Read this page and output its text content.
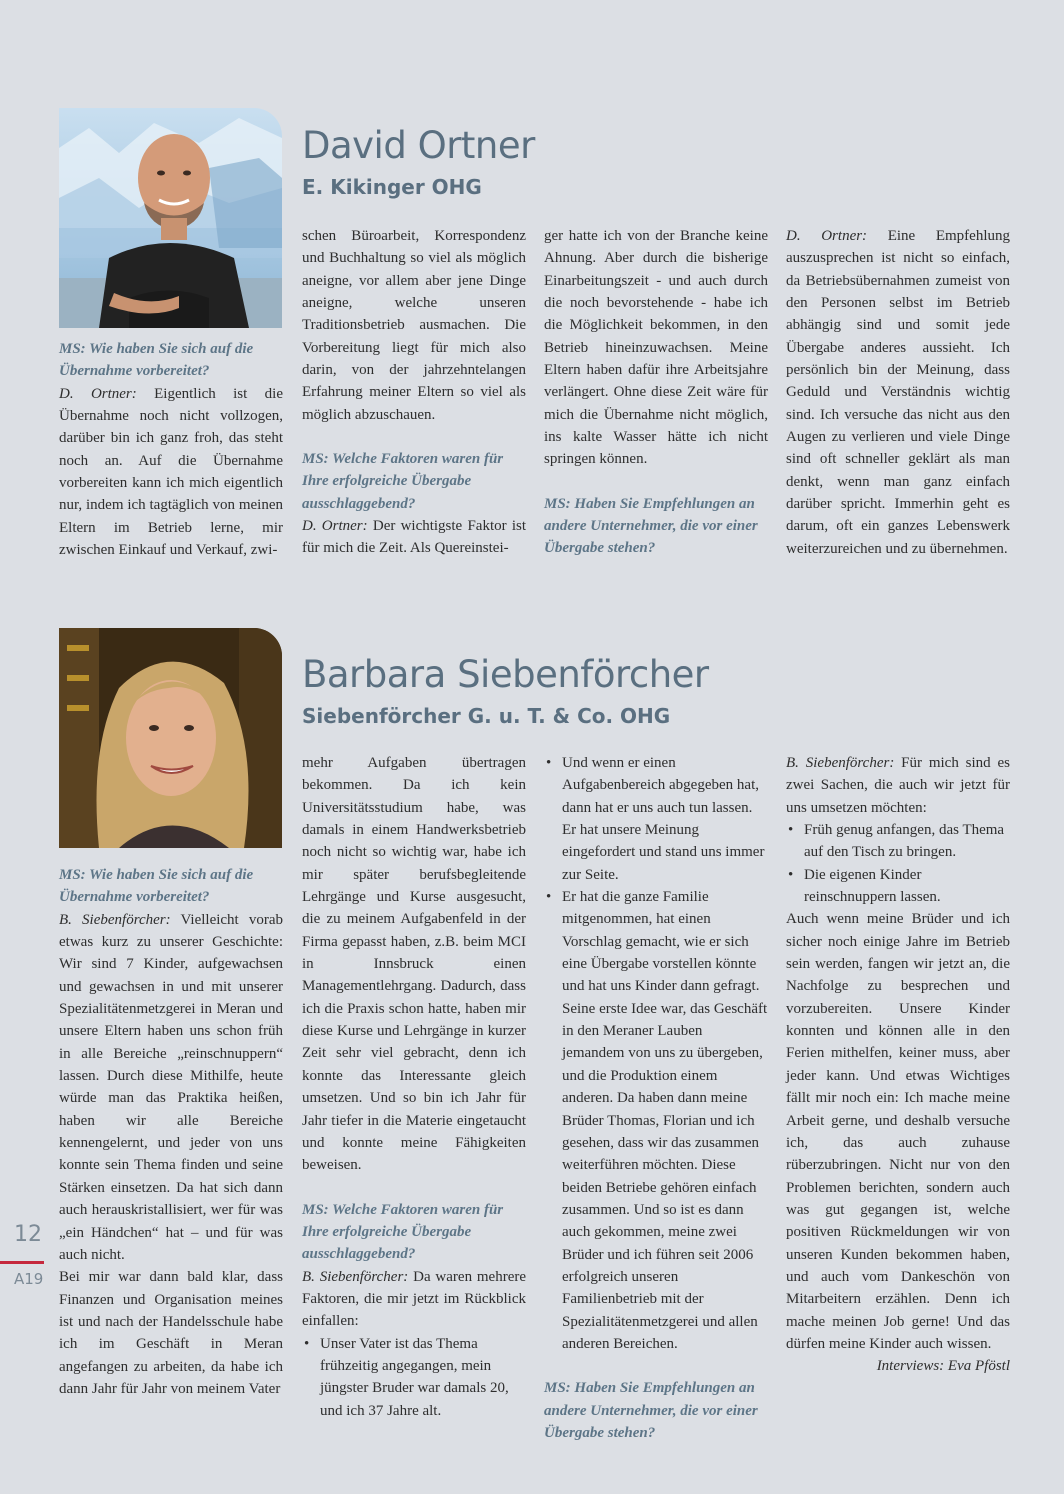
David Ortner
E. Kikinger OHG

MS: Wie haben Sie sich auf die Übernahme vorbereitet?

D. Ortner: Eigentlich ist die Übernahme noch nicht vollzogen, darüber bin ich ganz froh, das steht noch an. Auf die Übernahme vorbereiten kann ich mich eigentlich nur, indem ich tagtäglich von meinen Eltern im Betrieb lerne, mir zwischen Einkauf und Verkauf, zwi-

schen Büroarbeit, Korrespondenz und Buchhaltung so viel als möglich aneigne, vor allem aber jene Dinge aneigne, welche unseren Traditionsbetrieb ausmachen. Die Vorbereitung liegt für mich also darin, von der jahrzehntelangen Erfahrung meiner Eltern so viel als möglich abzuschauen.

MS: Welche Faktoren waren für Ihre erfolgreiche Übergabe ausschlaggebend?

D. Ortner: Der wichtigste Faktor ist für mich die Zeit. Als Quereinstei-

ger hatte ich von der Branche keine Ahnung. Aber durch die bisherige Einarbeitungszeit - und auch durch die noch bevorstehende - habe ich die Möglichkeit bekommen, in den Betrieb hineinzuwachsen. Meine Eltern haben dafür ihre Arbeitsjahre verlängert. Ohne diese Zeit wäre für mich die Übernahme nicht möglich, ins kalte Wasser hätte ich nicht springen können.

MS: Haben Sie Empfehlungen an andere Unternehmer, die vor einer Übergabe stehen?

D. Ortner: Eine Empfehlung auszusprechen ist nicht so einfach, da Betriebsübernahmen zumeist von den Personen selbst im Betrieb abhängig sind und somit jede Übergabe anderes aussieht. Ich persönlich bin der Meinung, dass Geduld und Verständnis wichtig sind. Ich versuche das nicht aus den Augen zu verlieren und viele Dinge sind oft schneller geklärt als man denkt, wenn man ganz einfach darüber spricht. Immerhin geht es darum, oft ein ganzes Lebenswerk weiterzureichen und zu übernehmen.

Barbara Siebenförcher
Siebenförcher G. u. T. & Co. OHG

MS: Wie haben Sie sich auf die Übernahme vorbereitet?

B. Siebenförcher: Vielleicht vorab etwas kurz zu unserer Geschichte: Wir sind 7 Kinder, aufgewachsen und gewachsen in und mit unserer Spezialitätenmetzgerei in Meran und unsere Eltern haben uns schon früh in alle Bereiche „reinschnuppern“ lassen. Durch diese Mithilfe, heute würde man das Praktika heißen, haben wir alle Bereiche kennengelernt, und jeder von uns konnte sein Thema finden und seine Stärken einsetzen. Da hat sich dann auch herauskristallisiert, wer für was „ein Händchen“ hat – und für was auch nicht.

Bei mir war dann bald klar, dass Finanzen und Organisation meines ist und nach der Handelsschule habe ich im Geschäft in Meran angefangen zu arbeiten, da habe ich dann Jahr für Jahr von meinem Vater

mehr Aufgaben übertragen bekommen. Da ich kein Universitätsstudium habe, was damals in einem Handwerksbetrieb noch nicht so wichtig war, habe ich mir später berufsbegleitende Lehrgänge und Kurse ausgesucht, die zu meinem Aufgabenfeld in der Firma gepasst haben, z.B. beim MCI in Innsbruck einen Managementlehrgang. Dadurch, dass ich die Praxis schon hatte, haben mir diese Kurse und Lehrgänge in kurzer Zeit sehr viel gebracht, denn ich konnte das Interessante gleich umsetzen. Und so bin ich Jahr für Jahr tiefer in die Materie eingetaucht und konnte meine Fähigkeiten beweisen.

MS: Welche Faktoren waren für Ihre erfolgreiche Übergabe ausschlaggebend?

B. Siebenförcher: Da waren mehrere Faktoren, die mir jetzt im Rückblick einfallen:

• Unser Vater ist das Thema frühzeitig angegangen, mein jüngster Bruder war damals 20, und ich 37 Jahre alt.
• Und wenn er einen Aufgabenbereich abgegeben hat, dann hat er uns auch tun lassen. Er hat unsere Meinung eingefordert und stand uns immer zur Seite.
• Er hat die ganze Familie mitgenommen, hat einen Vorschlag gemacht, wie er sich eine Übergabe vorstellen könnte und hat uns Kinder dann gefragt. Seine erste Idee war, das Geschäft in den Meraner Lauben jemandem von uns zu übergeben, und die Produktion einem anderen. Da haben dann meine Brüder Thomas, Florian und ich gesehen, dass wir das zusammen weiterführen möchten. Diese beiden Betriebe gehören einfach zusammen. Und so ist es dann auch gekommen, meine zwei Brüder und ich führen seit 2006 erfolgreich unseren Familienbetrieb mit der Spezialitätenmetzgerei und allen anderen Bereichen.

MS: Haben Sie Empfehlungen an andere Unternehmer, die vor einer Übergabe stehen?

B. Siebenförcher: Für mich sind es zwei Sachen, die auch wir jetzt für uns umsetzen möchten:

• Früh genug anfangen, das Thema auf den Tisch zu bringen.
• Die eigenen Kinder reinschnuppern lassen.

Auch wenn meine Brüder und ich sicher noch einige Jahre im Betrieb sein werden, fangen wir jetzt an, die Nachfolge zu besprechen und vorzubereiten. Unsere Kinder konnten und können alle in den Ferien mithelfen, keiner muss, aber jeder kann. Und etwas Wichtiges fällt mir noch ein: Ich mache meine Arbeit gerne, und deshalb versuche ich, das auch zuhause rüberzubringen. Nicht nur von den Problemen berichten, sondern auch was gut gegangen ist, welche positiven Rückmeldungen wir von unseren Kunden bekommen haben, und auch vom Dankeschön von Mitarbeitern erzählen. Denn ich mache meinen Job gerne! Und das dürfen meine Kinder auch wissen.

Interviews: Eva Pföstl

12
A19
